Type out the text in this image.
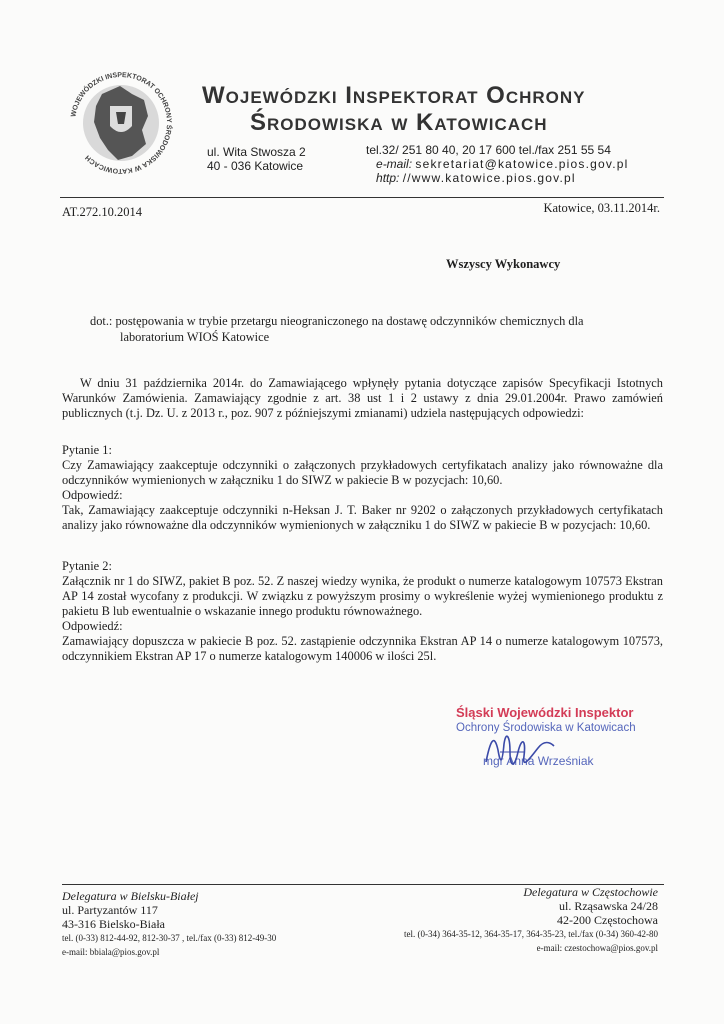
WOJEWÓDZKI INSPEKTORAT OCHRONY ŚRODOWISKA W KATOWICACH
Wojewódzki Inspektorat Ochrony
Środowiska w Katowicach
ul. Wita Stwosza 2
40 - 036 Katowice
tel.32/ 251 80 40, 20 17 600 tel./fax 251 55 54
e-mail: sekretariat@katowice.pios.gov.pl
http: //www.katowice.pios.gov.pl
AT.272.10.2014	Katowice, 03.11.2014r.
Wszyscy Wykonawcy
dot.: postępowania w trybie przetargu nieograniczonego na dostawę odczynników chemicznych dla
laboratorium WIOŚ Katowice
W dniu 31 października 2014r. do Zamawiającego wpłynęły pytania dotyczące zapisów Specyfikacji Istotnych Warunków Zamówienia. Zamawiający zgodnie z art. 38 ust 1 i 2 ustawy z dnia 29.01.2004r. Prawo zamówień publicznych (t.j. Dz. U. z 2013 r., poz. 907 z późniejszymi zmianami) udziela następujących odpowiedzi:
Pytanie 1:
Czy Zamawiający zaakceptuje odczynniki o załączonych przykładowych certyfikatach analizy jako równoważne dla odczynników wymienionych w załączniku 1 do SIWZ w pakiecie B w pozycjach: 10,60.
Odpowiedź:
Tak, Zamawiający zaakceptuje odczynniki n-Heksan J. T. Baker nr 9202 o załączonych przykładowych certyfikatach analizy jako równoważne dla odczynników wymienionych w załączniku 1 do SIWZ w pakiecie B w pozycjach: 10,60.
Pytanie 2:
Załącznik nr 1 do SIWZ, pakiet B poz. 52. Z naszej wiedzy wynika, że produkt o numerze katalogowym 107573 Ekstran AP 14 został wycofany z produkcji. W związku z powyższym prosimy o wykreślenie wyżej wymienionego produktu z pakietu B lub ewentualnie o wskazanie innego produktu równoważnego.
Odpowiedź:
Zamawiający dopuszcza w pakiecie B poz. 52. zastąpienie odczynnika Ekstran AP 14 o numerze katalogowym 107573, odczynnikiem Ekstran AP 17 o numerze katalogowym 140006 w ilości 25l.
Śląski Wojewódzki Inspektor
Ochrony Środowiska w Katowicach
mgr Anna Wrześniak
Delegatura w Bielsku-Białej
ul. Partyzantów 117
43-316 Bielsko-Biała
tel. (0-33) 812-44-92, 812-30-37 , tel./fax (0-33) 812-49-30
e-mail: bbiala@pios.gov.pl
Delegatura w Częstochowie
ul. Rząsawska 24/28
42-200 Częstochowa
tel. (0-34) 364-35-12, 364-35-17, 364-35-23, tel./fax (0-34) 360-42-80
e-mail: czestochowa@pios.gov.pl
